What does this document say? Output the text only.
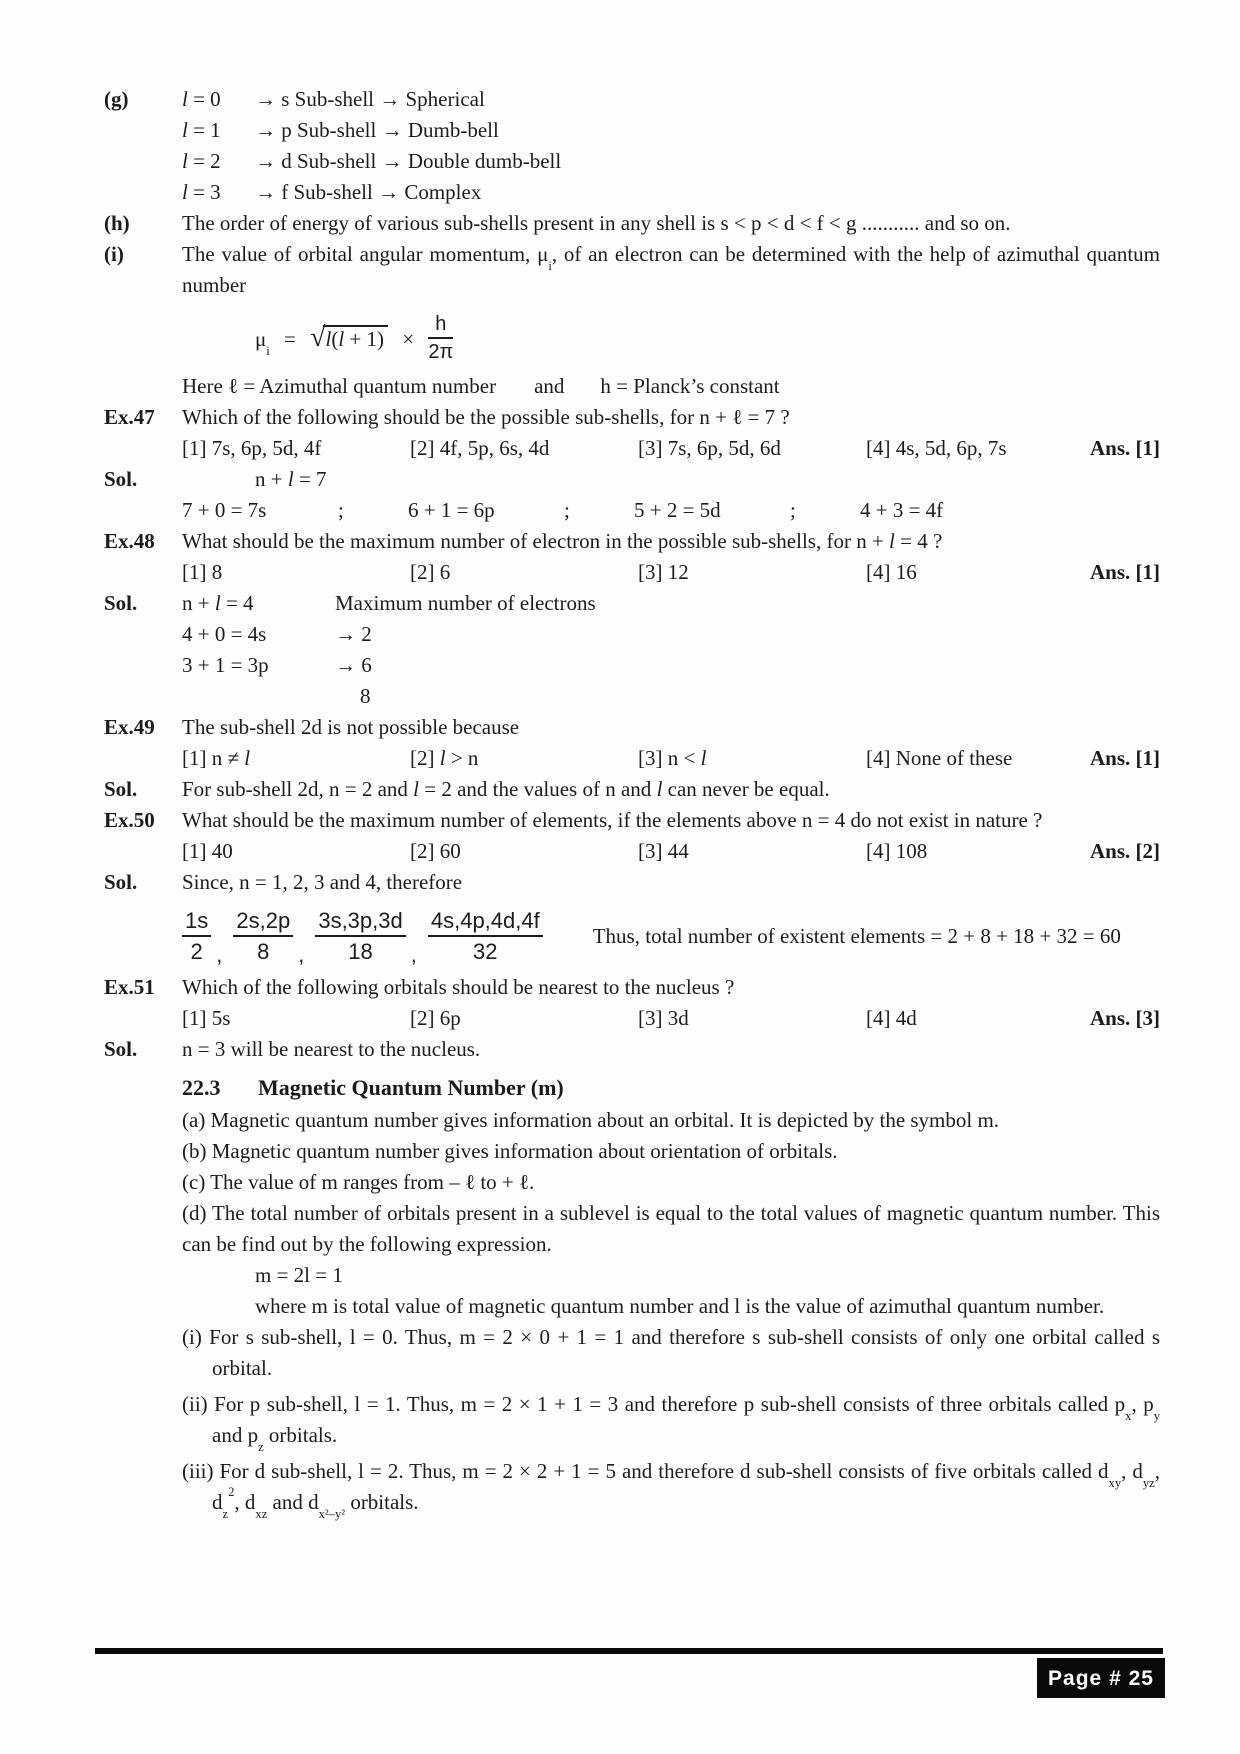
(g)	l = 0	→ s Sub-shell → Spherical
l = 1	→ p Sub-shell → Dumb-bell
l = 2	→ d Sub-shell → Double dumb-bell
l = 3	→ f Sub-shell → Complex
(h)	The order of energy of various sub-shells present in any shell is s < p < d < f < g ........... and so on.
(i)	The value of orbital angular momentum, $\mu_i$, of an electron can be determined with the help of azimuthal quantum number
$\mu_i = √l(l + 1) \times \frac{h}{2\pi}$
Here ℓ = Azimuthal quantum number and h = Planck’s constant
Ex.47	Which of the following should be the possible sub-shells, for n + ℓ = 7 ?
[1] 7s, 6p, 5d, 4f	[2] 4f, 5p, 6s, 4d	[3] 7s, 6p, 5d, 6d	[4] 4s, 5d, 6p, 7s	Ans. [1]
Sol.	n + l = 7
7 + 0 = 7s	;	6 + 1 = 6p	;	5 + 2 = 5d	;	4 + 3 = 4f
Ex.48	What should be the maximum number of electron in the possible sub-shells, for n + l = 4 ?
[1] 8	[2] 6	[3] 12	[4] 16	Ans. [1]
Sol.	n + l = 4	Maximum number of electrons
4 + 0 = 4s	→ 2
3 + 1 = 3p	→ 6
8
Ex.49	The sub-shell 2d is not possible because
[1] n ≠ l	[2] l > n	[3] n < l	[4] None of these	Ans. [1]
Sol.	For sub-shell 2d, n = 2 and l = 2 and the values of n and l can never be equal.
Ex.50	What should be the maximum number of elements, if the elements above n = 4 do not exist in nature ?
[1] 40	[2] 60	[3] 44	[4] 108	Ans. [2]
Sol.	Since, n = 1, 2, 3 and 4, therefore
$\frac{1s}{2}$ , $\frac{2s,2p}{8}$ , $\frac{3s,3p,3d}{18}$ , $\frac{4s,4p,4d,4f}{32}$ Thus, total number of existent elements = 2 + 8 + 18 + 32 = 60
Ex.51	Which of the following orbitals should be nearest to the nucleus ?
[1] 5s	[2] 6p	[3] 3d	[4] 4d	Ans. [3]
Sol.	n = 3 will be nearest to the nucleus.
22.3	Magnetic Quantum Number (m)
(a) Magnetic quantum number gives information about an orbital. It is depicted by the symbol m.
(b) Magnetic quantum number gives information about orientation of orbitals.
(c) The value of m ranges from – ℓ to + ℓ.
(d) The total number of orbitals present in a sublevel is equal to the total values of magnetic quantum number. This can be find out by the following expression.
m = 2l = 1
where m is total value of magnetic quantum number and l is the value of azimuthal quantum number.
(i) For s sub-shell, l = 0. Thus, m = 2 × 0 + 1 = 1 and therefore s sub-shell consists of only one orbital called s orbital.
(ii) For p sub-shell, l = 1. Thus, m = 2 × 1 + 1 = 3 and therefore p sub-shell consists of three orbitals called $p_x$, $p_y$ and $p_z$ orbitals.
(iii) For d sub-shell, l = 2. Thus, m = 2 × 2 + 1 = 5 and therefore d sub-shell consists of five orbitals called $d_{xy}$, $d_{yz}$, $d_z^2$, $d_{xz}$ and $d_{x^2-y^2}$ orbitals.
Page # 25
